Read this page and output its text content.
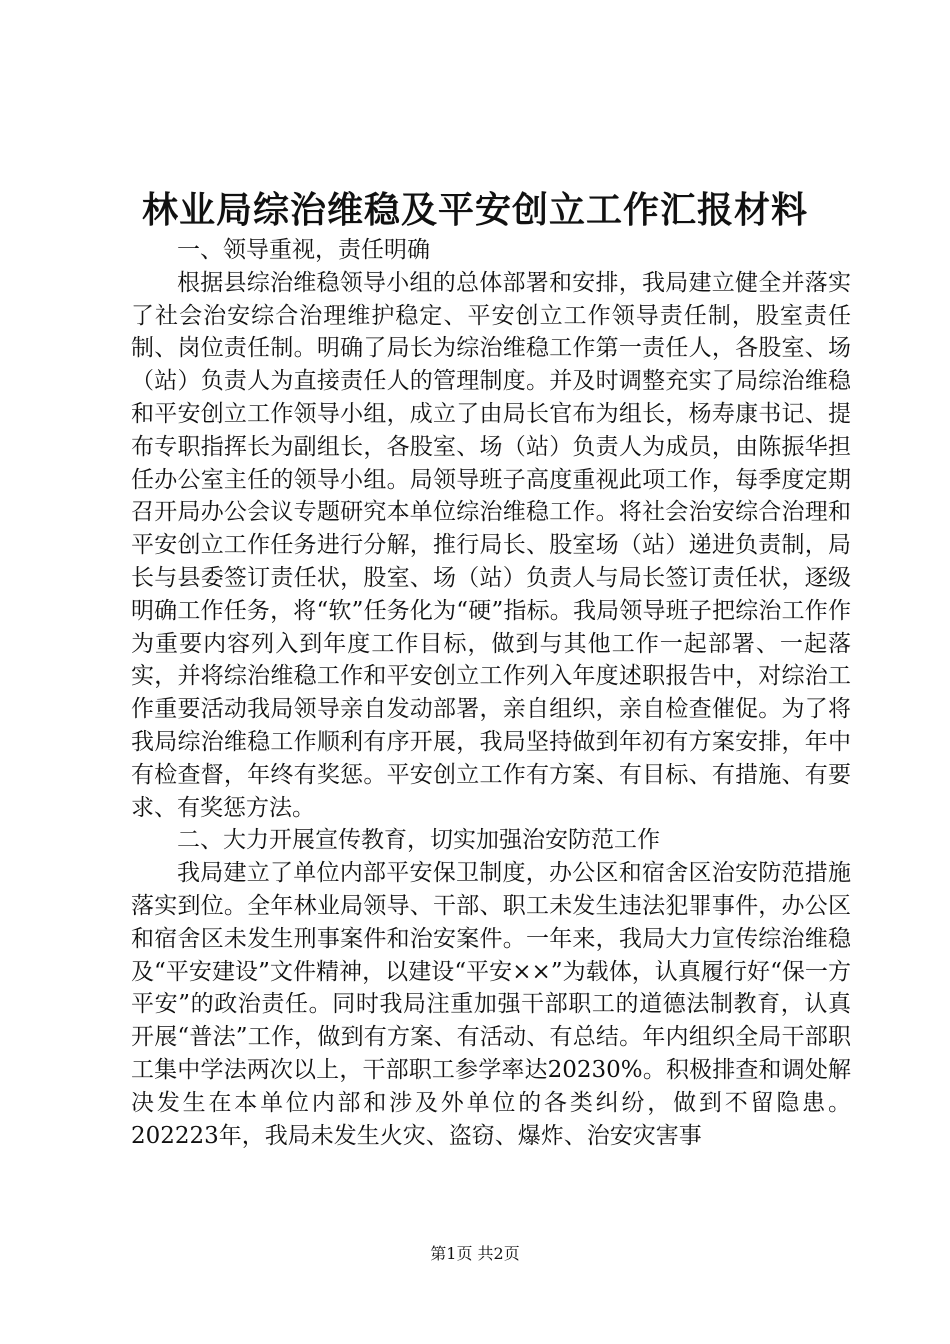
林业局综治维稳及平安创立工作汇报材料

一、领导重视，责任明确

根据县综治维稳领导小组的总体部署和安排，我局建立健全并落实了社会治安综合治理维护稳定、平安创立工作领导责任制，股室责任制、岗位责任制。明确了局长为综治维稳工作第一责任人，各股室、场（站）负责人为直接责任人的管理制度。并及时调整充实了局综治维稳和平安创立工作领导小组，成立了由局长官布为组长，杨寿康书记、提布专职指挥长为副组长，各股室、场（站）负责人为成员，由陈振华担任办公室主任的领导小组。局领导班子高度重视此项工作，每季度定期召开局办公会议专题研究本单位综治维稳工作。将社会治安综合治理和平安创立工作任务进行分解，推行局长、股室场（站）递进负责制，局长与县委签订责任状，股室、场（站）负责人与局长签订责任状，逐级明确工作任务，将“软”任务化为“硬”指标。我局领导班子把综治工作作为重要内容列入到年度工作目标，做到与其他工作一起部署、一起落实，并将综治维稳工作和平安创立工作列入年度述职报告中，对综治工作重要活动我局领导亲自发动部署，亲自组织，亲自检查催促。为了将我局综治维稳工作顺利有序开展，我局坚持做到年初有方案安排，年中有检查督，年终有奖惩。平安创立工作有方案、有目标、有措施、有要求、有奖惩方法。

二、大力开展宣传教育，切实加强治安防范工作

我局建立了单位内部平安保卫制度，办公区和宿舍区治安防范措施落实到位。全年林业局领导、干部、职工未发生违法犯罪事件，办公区和宿舍区未发生刑事案件和治安案件。一年来，我局大力宣传综治维稳及“平安建设”文件精神，以建设“平安××”为载体，认真履行好“保一方平安”的政治责任。同时我局注重加强干部职工的道德法制教育，认真开展“普法”工作，做到有方案、有活动、有总结。年内组织全局干部职工集中学法两次以上，干部职工参学率达20230%。积极排查和调处解决发生在本单位内部和涉及外单位的各类纠纷，做到不留隐患。202223年，我局未发生火灾、盗窃、爆炸、治安灾害事

第1页 共2页
